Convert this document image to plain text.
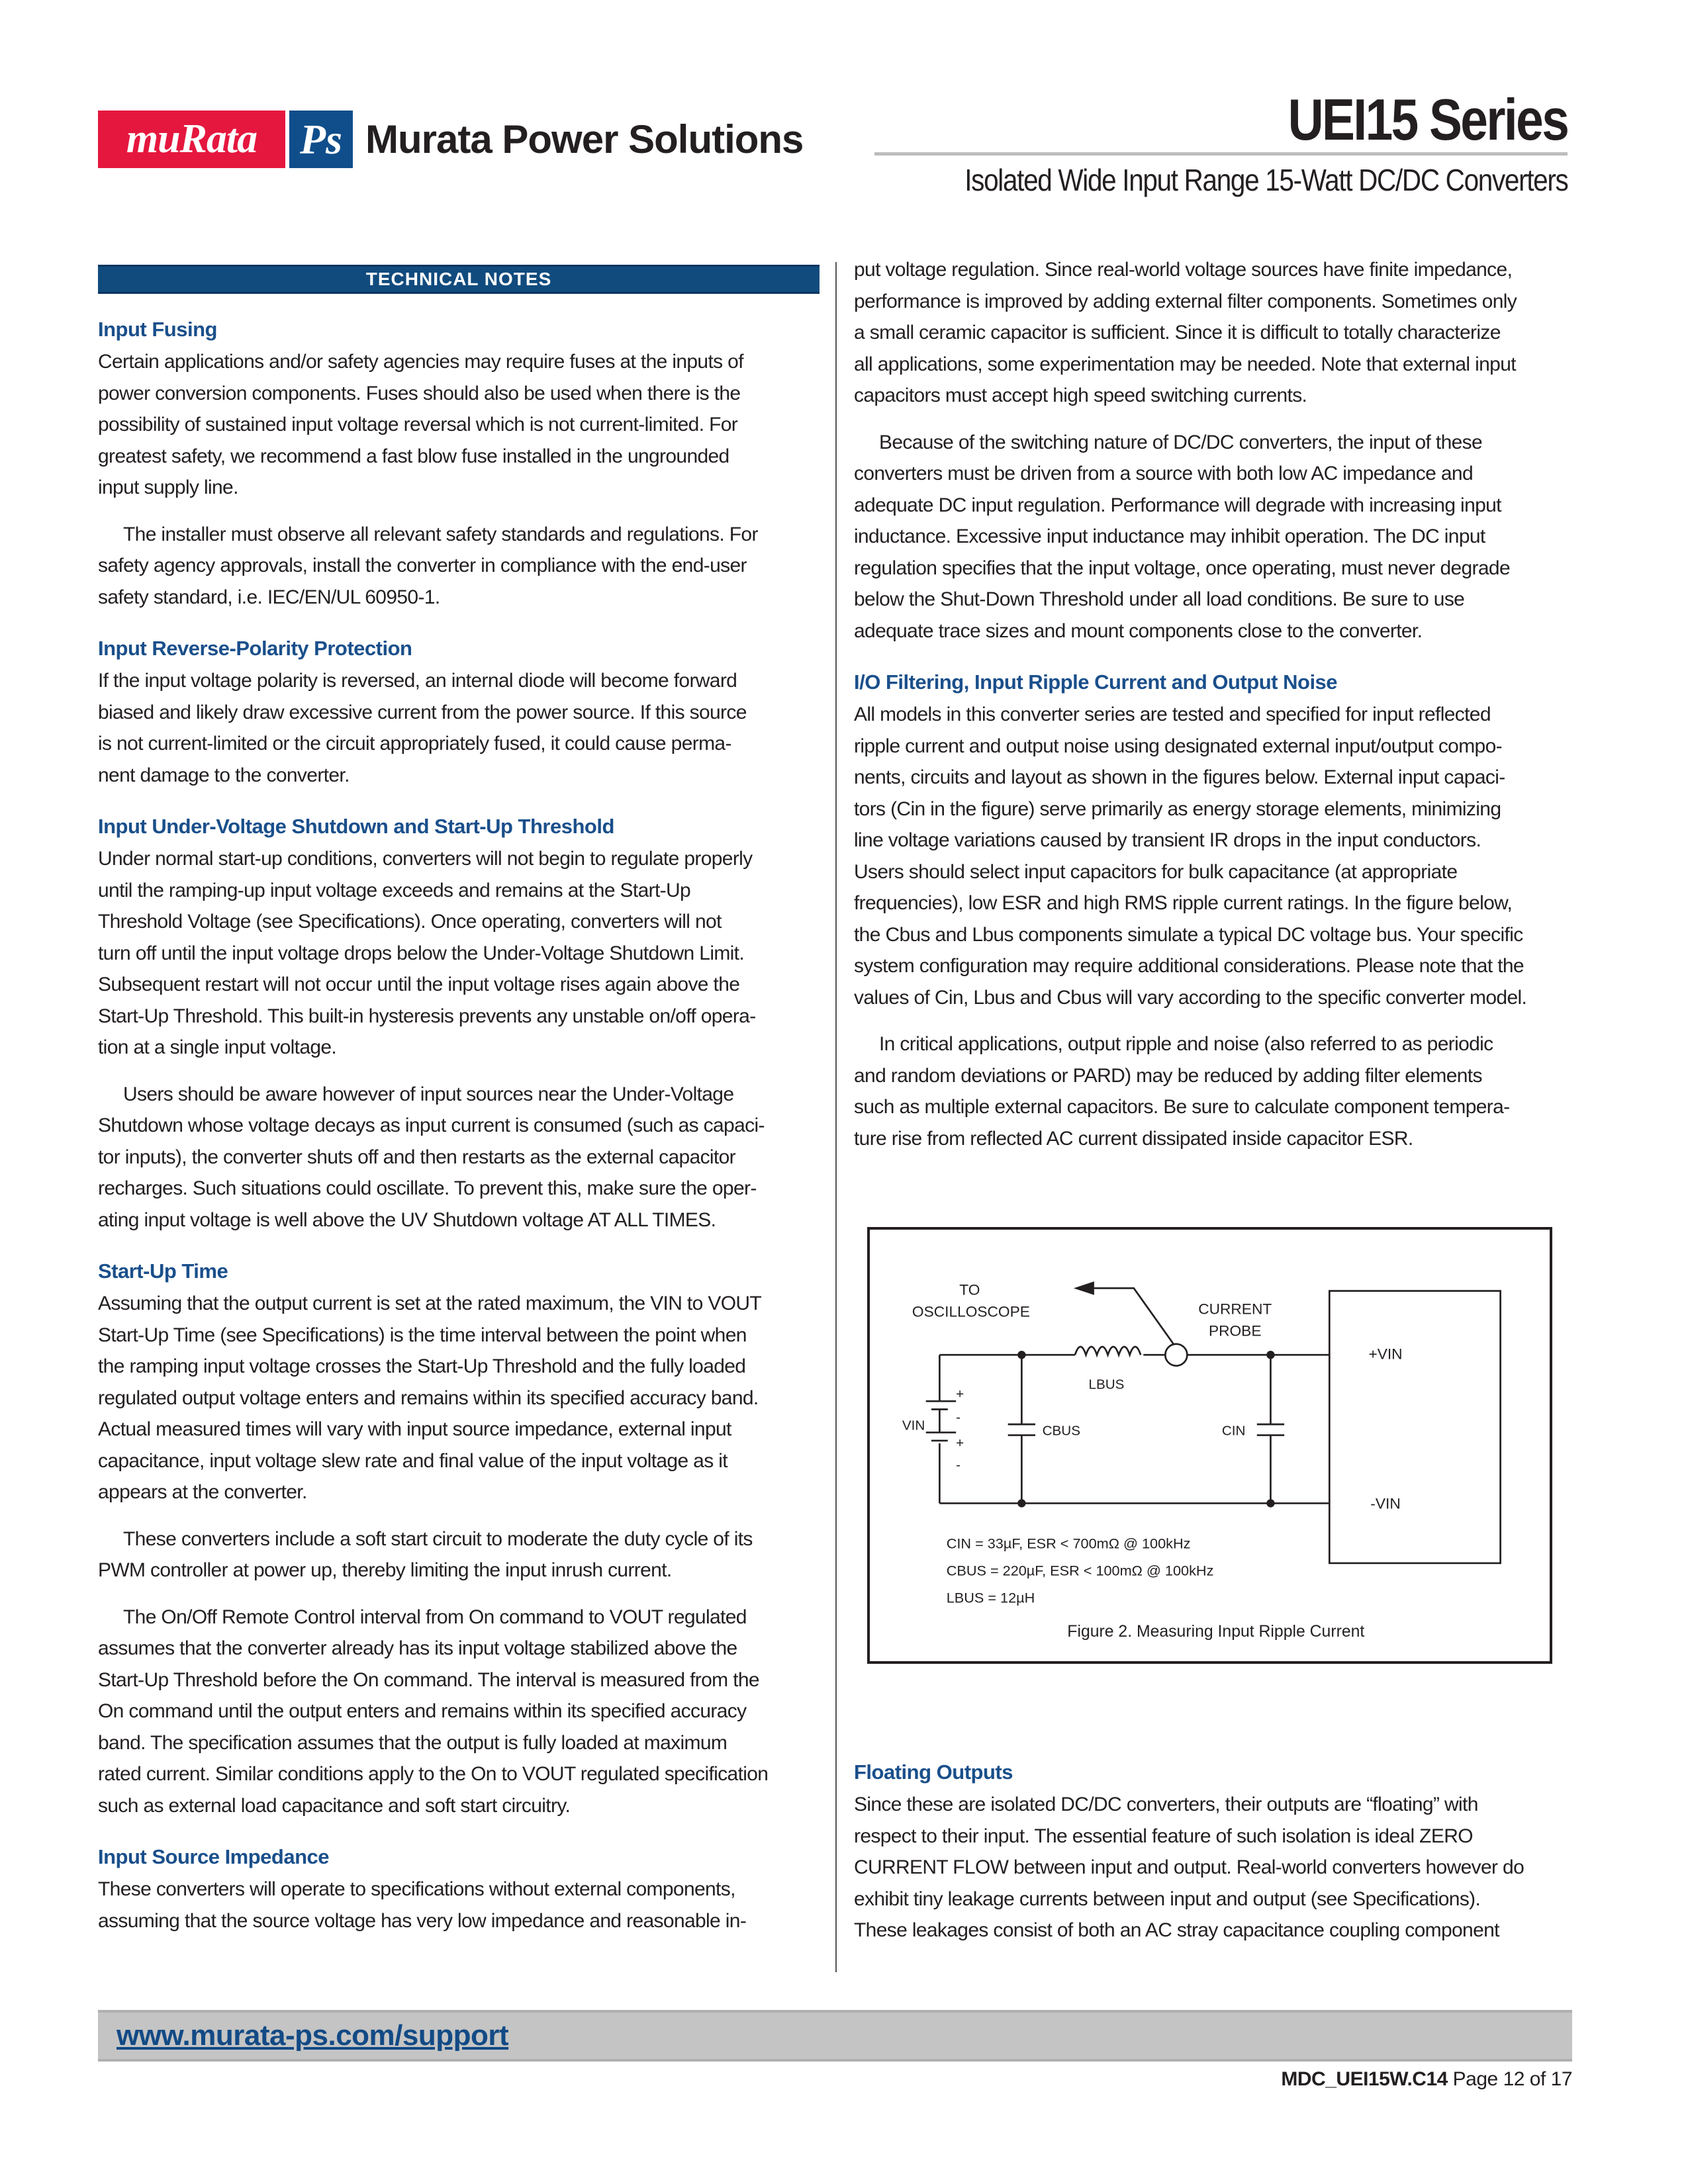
muRata	Ps Murata Power Solutions	UEI15 Series
Isolated Wide Input Range 15-Watt DC/DC Converters
TECHNICAL NOTES
Input Fusing

Certain applications and/or safety agencies may require fuses at the inputs of
power conversion components. Fuses should also be used when there is the
possibility of sustained input voltage reversal which is not current-limited. For
greatest safety, we recommend a fast blow fuse installed in the ungrounded
input supply line.

The installer must observe all relevant safety standards and regulations. For
safety agency approvals, install the converter in compliance with the end-user
safety standard, i.e. IEC/EN/UL 60950-1.

Input Reverse-Polarity Protection

If the input voltage polarity is reversed, an internal diode will become forward
biased and likely draw excessive current from the power source. If this source
is not current-limited or the circuit appropriately fused, it could cause perma-
nent damage to the converter.

Input Under-Voltage Shutdown and Start-Up Threshold

Under normal start-up conditions, converters will not begin to regulate properly
until the ramping-up input voltage exceeds and remains at the Start-Up
Threshold Voltage (see Specifications). Once operating, converters will not
turn off until the input voltage drops below the Under-Voltage Shutdown Limit.
Subsequent restart will not occur until the input voltage rises again above the
Start-Up Threshold. This built-in hysteresis prevents any unstable on/off opera-
tion at a single input voltage.

Users should be aware however of input sources near the Under-Voltage
Shutdown whose voltage decays as input current is consumed (such as capaci-
tor inputs), the converter shuts off and then restarts as the external capacitor
recharges. Such situations could oscillate. To prevent this, make sure the oper-
ating input voltage is well above the UV Shutdown voltage AT ALL TIMES.

Start-Up Time

Assuming that the output current is set at the rated maximum, the VIN to VOUT
Start-Up Time (see Specifications) is the time interval between the point when
the ramping input voltage crosses the Start-Up Threshold and the fully loaded
regulated output voltage enters and remains within its specified accuracy band.
Actual measured times will vary with input source impedance, external input
capacitance, input voltage slew rate and final value of the input voltage as it
appears at the converter.

These converters include a soft start circuit to moderate the duty cycle of its
PWM controller at power up, thereby limiting the input inrush current.

The On/Off Remote Control interval from On command to VOUT regulated
assumes that the converter already has its input voltage stabilized above the
Start-Up Threshold before the On command. The interval is measured from the
On command until the output enters and remains within its specified accuracy
band. The specification assumes that the output is fully loaded at maximum
rated current. Similar conditions apply to the On to VOUT regulated specification
such as external load capacitance and soft start circuitry.

Input Source Impedance

These converters will operate to specifications without external components,
assuming that the source voltage has very low impedance and reasonable in-

put voltage regulation. Since real-world voltage sources have finite impedance,
performance is improved by adding external filter components. Sometimes only
a small ceramic capacitor is sufficient. Since it is difficult to totally characterize
all applications, some experimentation may be needed. Note that external input
capacitors must accept high speed switching currents.

Because of the switching nature of DC/DC converters, the input of these
converters must be driven from a source with both low AC impedance and
adequate DC input regulation. Performance will degrade with increasing input
inductance. Excessive input inductance may inhibit operation. The DC input
regulation specifies that the input voltage, once operating, must never degrade
below the Shut-Down Threshold under all load conditions. Be sure to use
adequate trace sizes and mount components close to the converter.

I/O Filtering, Input Ripple Current and Output Noise

All models in this converter series are tested and specified for input reflected
ripple current and output noise using designated external input/output compo-
nents, circuits and layout as shown in the figures below. External input capaci-
tors (Cin in the figure) serve primarily as energy storage elements, minimizing
line voltage variations caused by transient IR drops in the input conductors.
Users should select input capacitors for bulk capacitance (at appropriate
frequencies), low ESR and high RMS ripple current ratings. In the figure below,
the Cbus and Lbus components simulate a typical DC voltage bus. Your specific
system configuration may require additional considerations. Please note that the
values of Cin, Lbus and Cbus will vary according to the specific converter model.

In critical applications, output ripple and noise (also referred to as periodic
and random deviations or PARD) may be reduced by adding filter elements
such as multiple external capacitors. Be sure to calculate component tempera-
ture rise from reflected AC current dissipated inside capacitor ESR.

TO
OSCILLOSCOPE	CURRENT
PROBE
LBUS
VIN	CBUS	CIN
+VIN
-VIN
+
-
+
-
CIN = 33µF, ESR < 700mΩ @ 100kHz
CBUS = 220µF, ESR < 100mΩ @ 100kHz
LBUS = 12µH
Figure 2. Measuring Input Ripple Current
Floating Outputs

Since these are isolated DC/DC converters, their outputs are “floating” with
respect to their input. The essential feature of such isolation is ideal ZERO
CURRENT FLOW between input and output. Real-world converters however do
exhibit tiny leakage currents between input and output (see Specifications).
These leakages consist of both an AC stray capacitance coupling component

www.murata-ps.com/support
MDC_UEI15W.C14 Page 12 of 17
